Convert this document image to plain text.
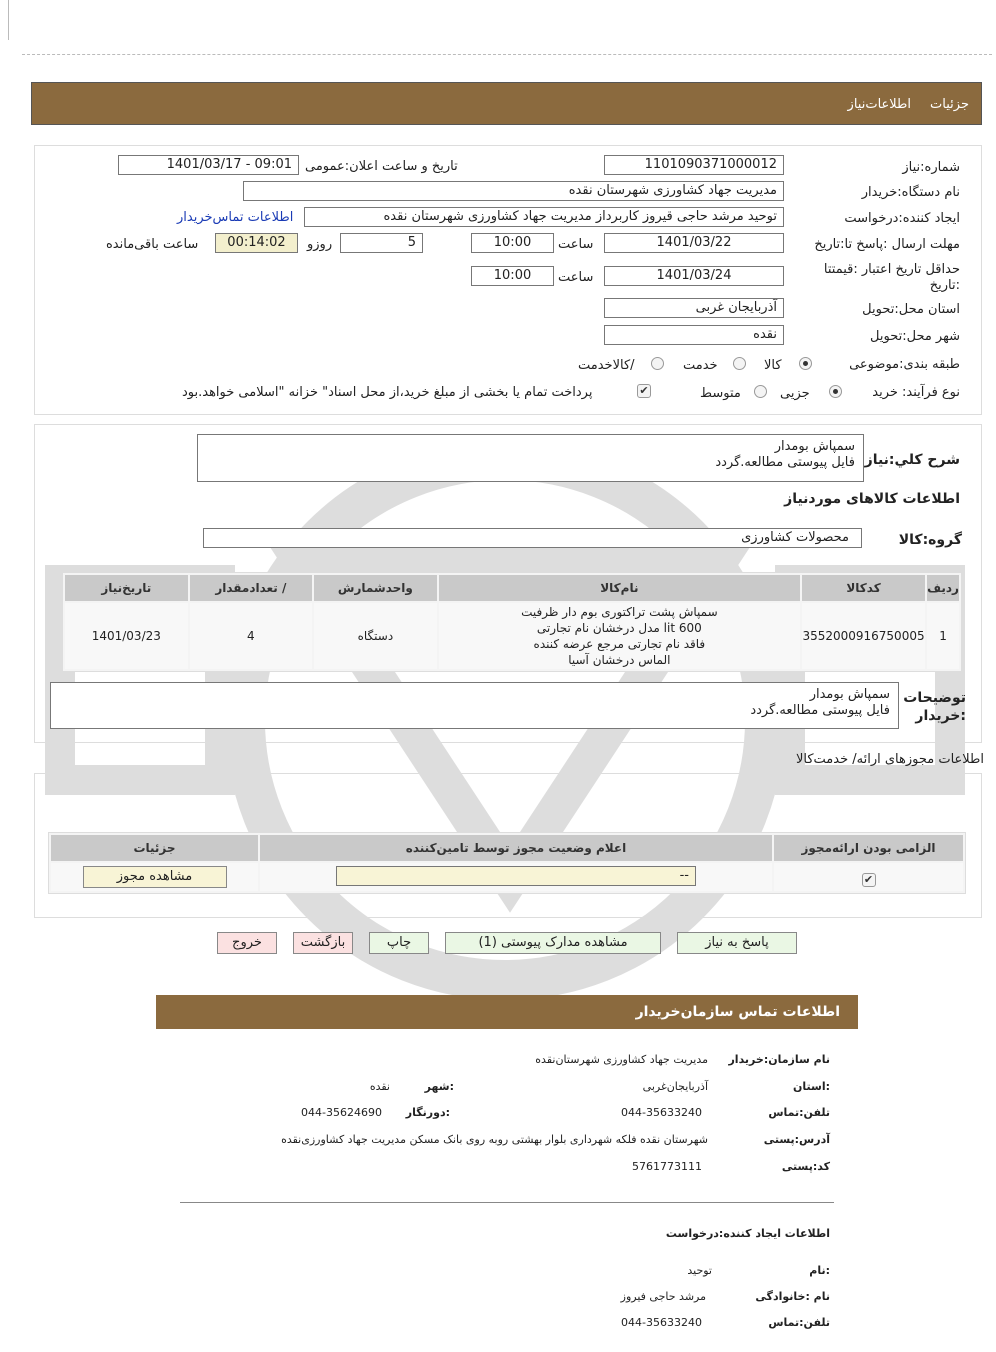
جزئیات
اطلاعات‌نیاز
شماره:نیاز
1101090371000012
تاریخ و ساعت اعلان:عمومی
1401/03/17 - 09:01
نام دستگاه:خریدار
مدیریت جهاد کشاورزی شهرستان نقده
ایجاد کننده:درخواست
توحید مرشد حاجی قیروز کاربرداز مدیریت جهاد کشاورزی شهرستان نقده
اطلاعات تماس‌خریدار
مهلت ارسال :پاسخ تا:تاریخ
1401/03/22
ساعت
10:00
5
روزو
00:14:02
ساعت باقی‌مانده
حداقل تاریخ اعتبار :قیمتتا :تاریخ
1401/03/24
ساعت
10:00
استان محل:تحویل
آذربایجان غربی
شهر محل:تحویل
نقده
طبقه بندی:موضوعی
کالا
خدمت
/کالاخدمت
نوع فرآیند: خرید
جزیی
متوسط
✔
پرداخت تمام یا بخشی از مبلغ خرید،از محل اسناد" خزانه "اسلامی خواهد.بود
شرح کلي:نیاز
سمپاش بومدار
فایل پیوستی مطالعه.گردد
اطلاعات کالاهای موردنیاز
گروه:کالا
محصولات کشاورزی
ردیف	کدکالا	نام‌کالا	واحدشمارش	/ تعدادمقدار	تاریخ‌نیاز
1	3552000916750005	سمپاش پشت تراکتوری بوم دار ظرفیت
600 lit مدل درخشان نام تجارتی
فاقد نام تجارتی مرجع عرضه کننده
الماس درخشان آسیا	دستگاه	4	1401/03/23
توضیحات
:خریدار
سمپاش بومدار
فایل پیوستی مطالعه.گردد
اطلاعات مجوزهای ارائه/ خدمت‌کالا
الزامی بودن ارائه‌مجوز	اعلام وضعیت مجوز توسط تامین‌کننده	جزئیات
✔	--	مشاهده مجوز
پاسخ به نیاز
مشاهده مدارک پیوستی (1)
چاپ
بازگشت
خروج
اطلاعات تماس سازمان‌خریدار
نام سازمان:خریدار
مدیریت جهاد کشاورزی شهرستان‌نقده
:استان
آذربایجان‌غربی
:شهر
نقده
تلفن:تماس
044-35633240
:دورنگار
044-35624690
آدرس:پستی
شهرستان نقده فلکه شهرداری بلوار بهشتی روبه روی بانک مسکن مدیریت جهاد کشاورزی‌نقده
کد:پستی
5761773111
اطلاعات ایجاد کننده:درخواست
:نام
توحید
نام :خانوادگی
مرشد حاجی فیروز
تلفن:تماس
044-35633240
